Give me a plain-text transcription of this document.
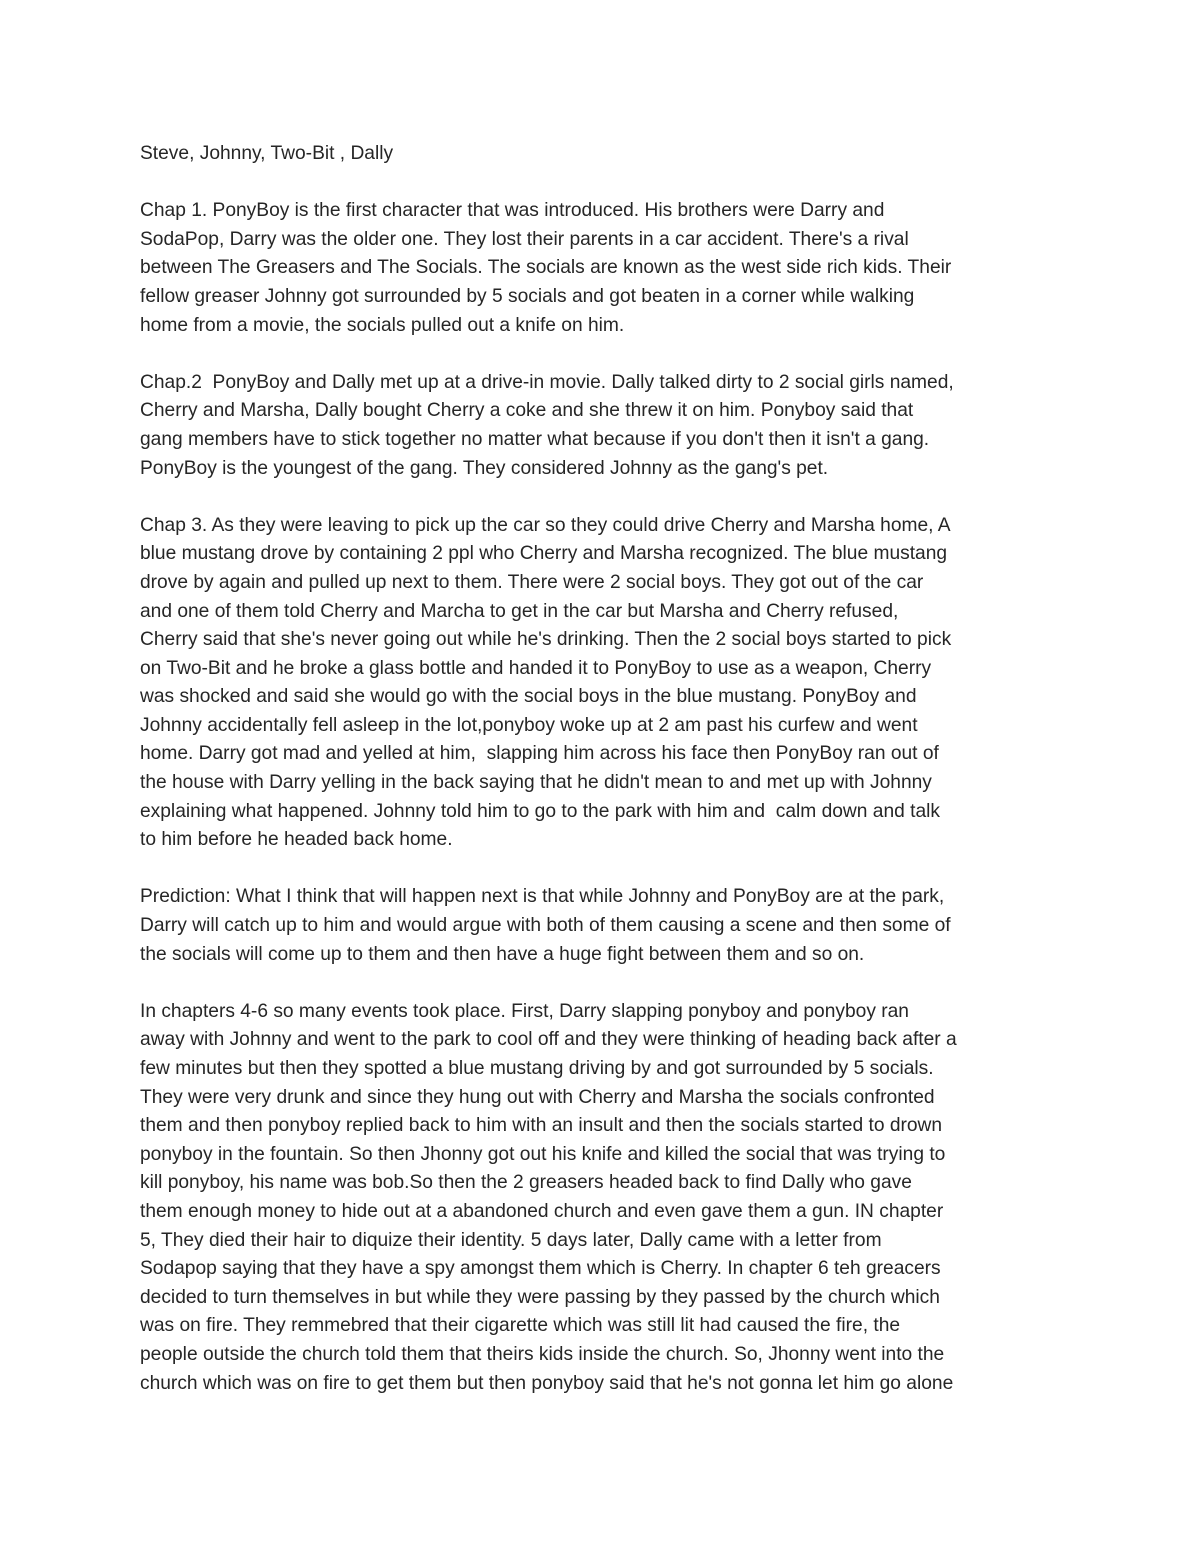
Steve, Johnny, Two-Bit , Dally

Chap 1. PonyBoy is the first character that was introduced. His brothers were Darry and
SodaPop, Darry was the older one. They lost their parents in a car accident. There's a rival
between The Greasers and The Socials. The socials are known as the west side rich kids. Their
fellow greaser Johnny got surrounded by 5 socials and got beaten in a corner while walking
home from a movie, the socials pulled out a knife on him.

Chap.2  PonyBoy and Dally met up at a drive-in movie. Dally talked dirty to 2 social girls named,
Cherry and Marsha, Dally bought Cherry a coke and she threw it on him. Ponyboy said that
gang members have to stick together no matter what because if you don't then it isn't a gang.
PonyBoy is the youngest of the gang. They considered Johnny as the gang's pet.

Chap 3. As they were leaving to pick up the car so they could drive Cherry and Marsha home, A
blue mustang drove by containing 2 ppl who Cherry and Marsha recognized. The blue mustang
drove by again and pulled up next to them. There were 2 social boys. They got out of the car
and one of them told Cherry and Marcha to get in the car but Marsha and Cherry refused,
Cherry said that she's never going out while he's drinking. Then the 2 social boys started to pick
on Two-Bit and he broke a glass bottle and handed it to PonyBoy to use as a weapon, Cherry
was shocked and said she would go with the social boys in the blue mustang. PonyBoy and
Johnny accidentally fell asleep in the lot,ponyboy woke up at 2 am past his curfew and went
home. Darry got mad and yelled at him,  slapping him across his face then PonyBoy ran out of
the house with Darry yelling in the back saying that he didn't mean to and met up with Johnny
explaining what happened. Johnny told him to go to the park with him and  calm down and talk
to him before he headed back home.

Prediction: What I think that will happen next is that while Johnny and PonyBoy are at the park,
Darry will catch up to him and would argue with both of them causing a scene and then some of
the socials will come up to them and then have a huge fight between them and so on.

In chapters 4-6 so many events took place. First, Darry slapping ponyboy and ponyboy ran
away with Johnny and went to the park to cool off and they were thinking of heading back after a
few minutes but then they spotted a blue mustang driving by and got surrounded by 5 socials.
They were very drunk and since they hung out with Cherry and Marsha the socials confronted
them and then ponyboy replied back to him with an insult and then the socials started to drown
ponyboy in the fountain. So then Jhonny got out his knife and killed the social that was trying to
kill ponyboy, his name was bob.So then the 2 greasers headed back to find Dally who gave
them enough money to hide out at a abandoned church and even gave them a gun. IN chapter
5, They died their hair to diquize their identity. 5 days later, Dally came with a letter from
Sodapop saying that they have a spy amongst them which is Cherry. In chapter 6 teh greacers
decided to turn themselves in but while they were passing by they passed by the church which
was on fire. They remmebred that their cigarette which was still lit had caused the fire, the
people outside the church told them that theirs kids inside the church. So, Jhonny went into the
church which was on fire to get them but then ponyboy said that he's not gonna let him go alone
